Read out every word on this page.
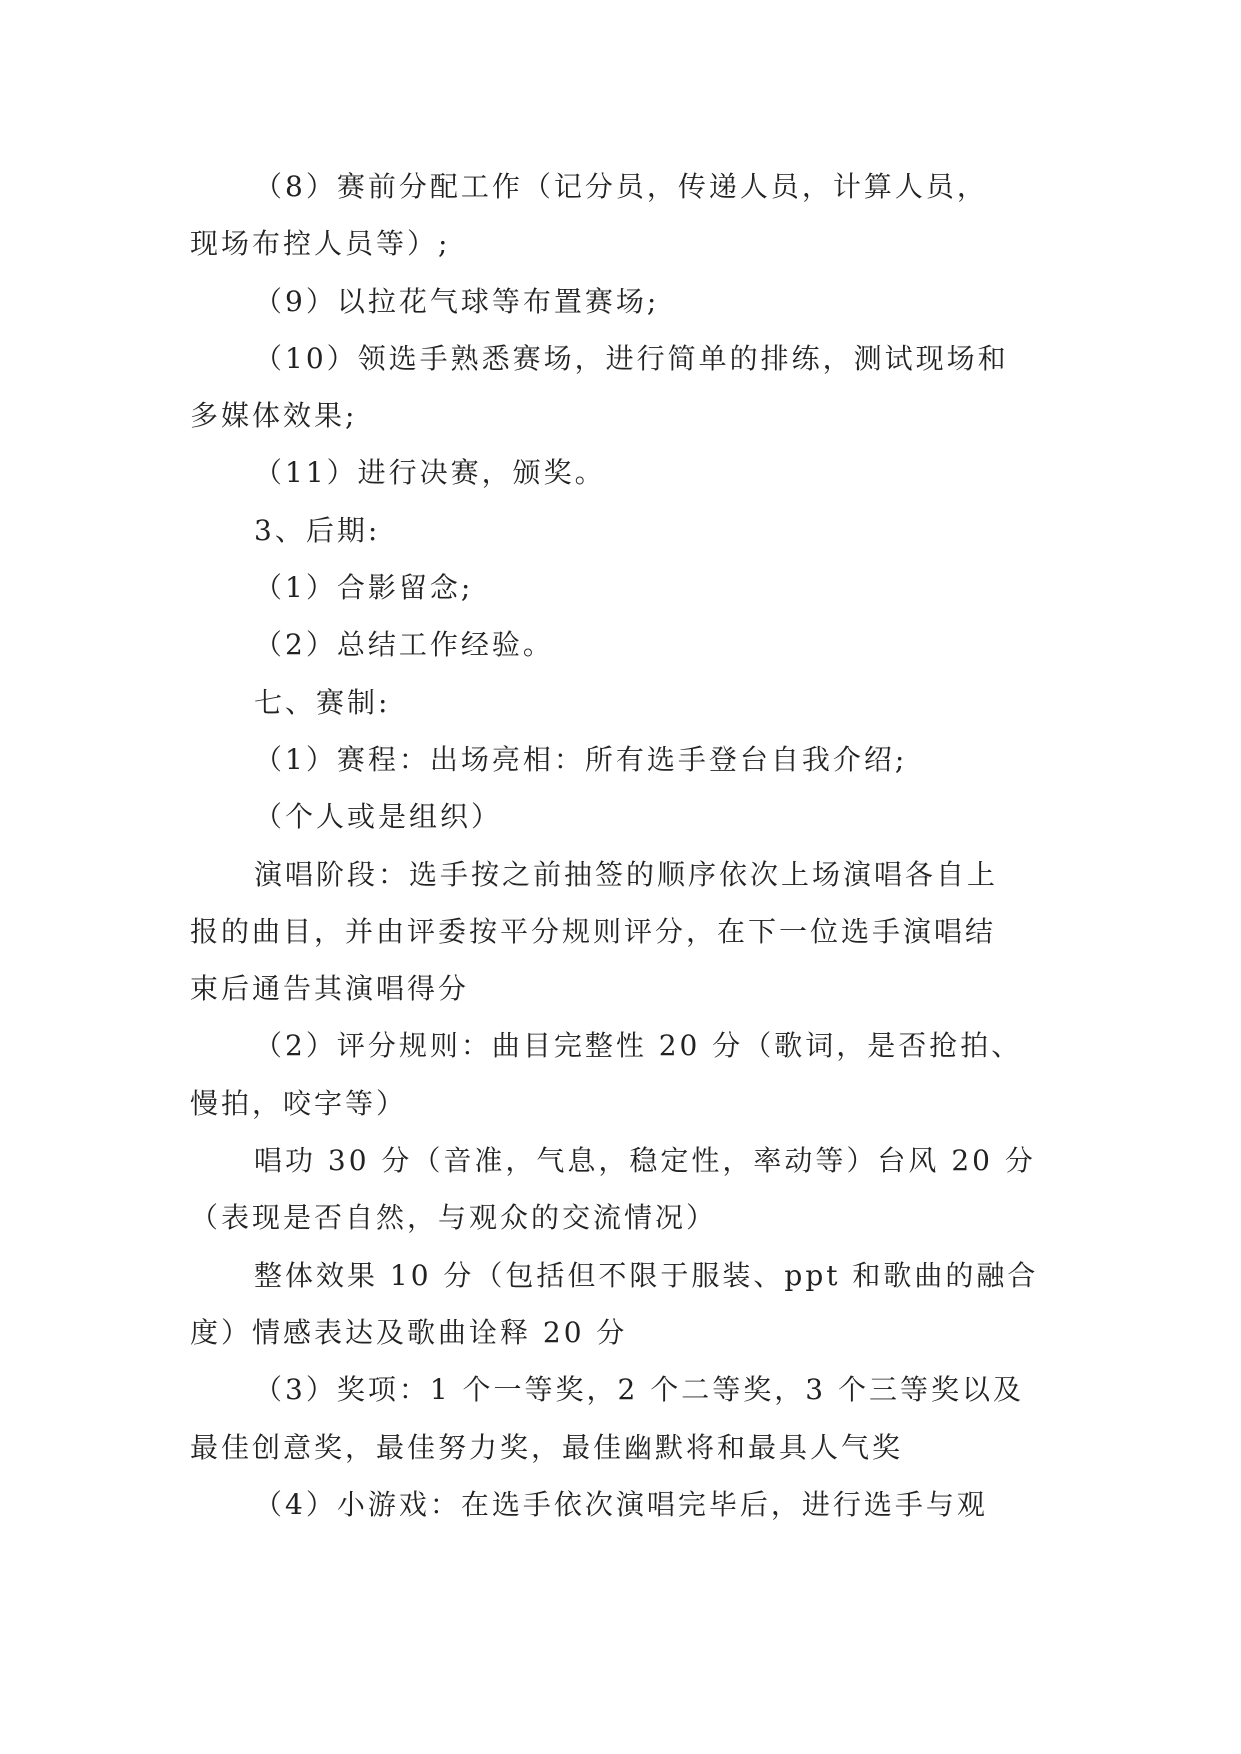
（8）赛前分配工作（记分员，传递人员，计算人员，

现场布控人员等）;

（9）以拉花气球等布置赛场;

（10）领选手熟悉赛场，进行简单的排练，测试现场和

多媒体效果;

（11）进行决赛，颁奖。

3、后期:

（1）合影留念;

（2）总结工作经验。

七、赛制:

（1）赛程：出场亮相：所有选手登台自我介绍;

（个人或是组织）

演唱阶段：选手按之前抽签的顺序依次上场演唱各自上

报的曲目，并由评委按平分规则评分，在下一位选手演唱结

束后通告其演唱得分

（2）评分规则：曲目完整性 20 分（歌词，是否抢拍、

慢拍，咬字等）

唱功 30 分（音准，气息，稳定性，率动等）台风 20 分

（表现是否自然，与观众的交流情况）

整体效果 10 分（包括但不限于服装、ppt 和歌曲的融合

度）情感表达及歌曲诠释 20 分

（3）奖项：1 个一等奖，2 个二等奖，3 个三等奖以及

最佳创意奖，最佳努力奖，最佳幽默将和最具人气奖

（4）小游戏：在选手依次演唱完毕后，进行选手与观
